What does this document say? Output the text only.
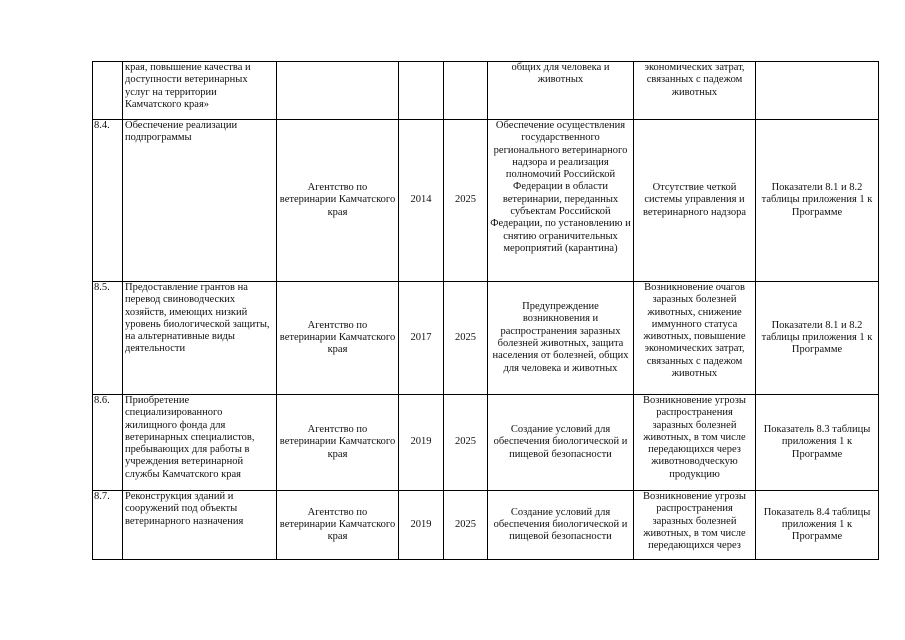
	края, повышение качества и доступности ветеринарных услуг на территории Камчатского края»				общих для человека и животных	экономических затрат, связанных с падежом животных	
8.4.	Обеспечение реализации подпрограммы	Агентство по ветеринарии Камчатского края	2014	2025	Обеспечение осуществления государственного регионального ветеринарного надзора и реализация полномочий Российской Федерации в области ветеринарии, переданных субъектам Российской Федерации, по установлению и снятию ограничительных мероприятий (карантина)	Отсутствие четкой системы управления и ветеринарного надзора	Показатели 8.1 и 8.2 таблицы приложения 1 к Программе
8.5.	Предоставление грантов на перевод свиноводческих хозяйств, имеющих низкий уровень биологической защиты, на альтернативные виды деятельности	Агентство по ветеринарии Камчатского края	2017	2025	Предупреждение возникновения и распространения заразных болезней животных, защита населения от болезней, общих для человека и животных	Возникновение очагов заразных болезней животных, снижение иммунного статуса животных, повышение экономических затрат, связанных с падежом животных	Показатели 8.1 и 8.2 таблицы приложения 1 к Программе
8.6.	Приобретение специализированного жилищного фонда для ветеринарных специалистов, пребывающих для работы в учреждения ветеринарной службы Камчатского края	Агентство по ветеринарии Камчатского края	2019	2025	Создание условий для обеспечения биологической и пищевой безопасности	Возникновение угрозы распространения заразных болезней животных, в том числе передающихся через животноводческую продукцию	Показатель 8.3 таблицы приложения 1 к Программе
8.7.	Реконструкция зданий и сооружений под объекты ветеринарного назначения	Агентство по ветеринарии Камчатского края	2019	2025	Создание условий для обеспечения биологической и пищевой безопасности	Возникновение угрозы распространения заразных болезней животных, в том числе передающихся через	Показатель 8.4 таблицы приложения 1 к Программе
